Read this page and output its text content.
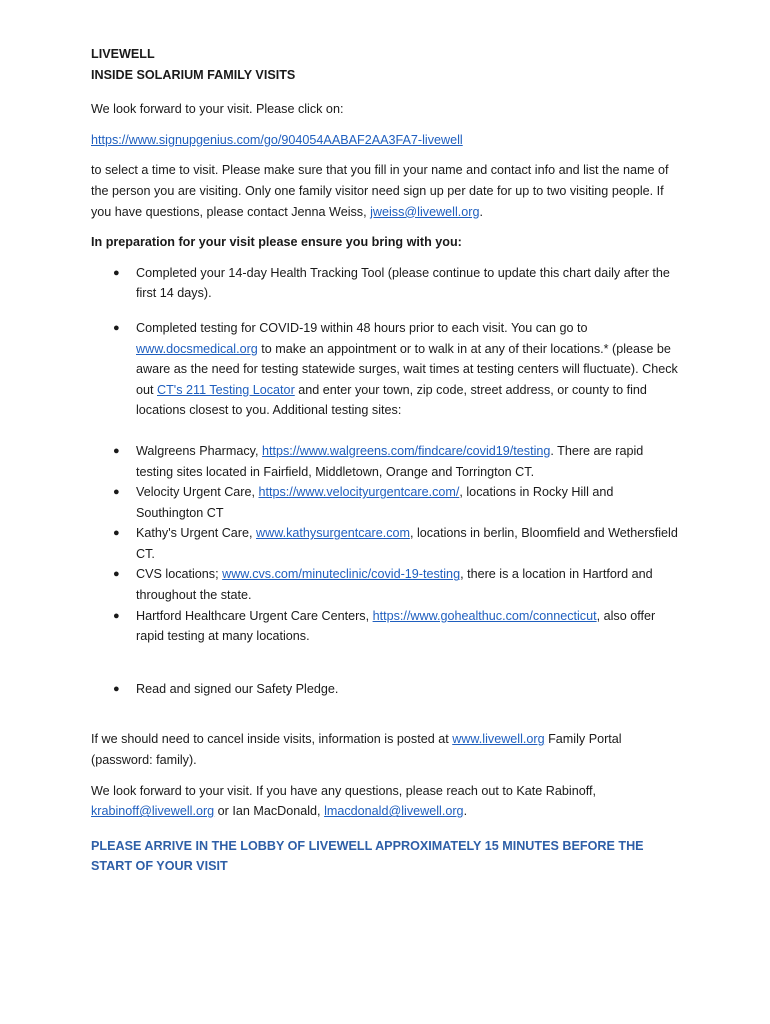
LIVEWELL
INSIDE SOLARIUM FAMILY VISITS

We look forward to your visit. Please click on:

https://www.signupgenius.com/go/904054AABAF2AA3FA7-livewell

to select a time to visit. Please make sure that you fill in your name and contact info and list the name of the person you are visiting. Only one family visitor need sign up per date for up to two visiting people. If you have questions, please contact Jenna Weiss, jweiss@livewell.org.

In preparation for your visit please ensure you bring with you:

● Completed your 14-day Health Tracking Tool (please continue to update this chart daily after the first 14 days).
● Completed testing for COVID-19 within 48 hours prior to each visit. You can go to www.docsmedical.org to make an appointment or to walk in at any of their locations.* (please be aware as the need for testing statewide surges, wait times at testing centers will fluctuate). Check out CT's 211 Testing Locator and enter your town, zip code, street address, or county to find locations closest to you. Additional testing sites:
● Walgreens Pharmacy, https://www.walgreens.com/findcare/covid19/testing. There are rapid testing sites located in Fairfield, Middletown, Orange and Torrington CT.
● Velocity Urgent Care, https://www.velocityurgentcare.com/, locations in Rocky Hill and Southington CT
● Kathy's Urgent Care, www.kathysurgentcare.com, locations in berlin, Bloomfield and Wethersfield CT.
● CVS locations; www.cvs.com/minuteclinic/covid-19-testing, there is a location in Hartford and throughout the state.
● Hartford Healthcare Urgent Care Centers, https://www.gohealthuc.com/connecticut, also offer rapid testing at many locations.
● Read and signed our Safety Pledge.

If we should need to cancel inside visits, information is posted at www.livewell.org Family Portal (password: family).

We look forward to your visit. If you have any questions, please reach out to Kate Rabinoff, krabinoff@livewell.org or Ian MacDonald, lmacdonald@livewell.org.

PLEASE ARRIVE IN THE LOBBY OF LIVEWELL APPROXIMATELY 15 MINUTES BEFORE THE START OF YOUR VISIT
